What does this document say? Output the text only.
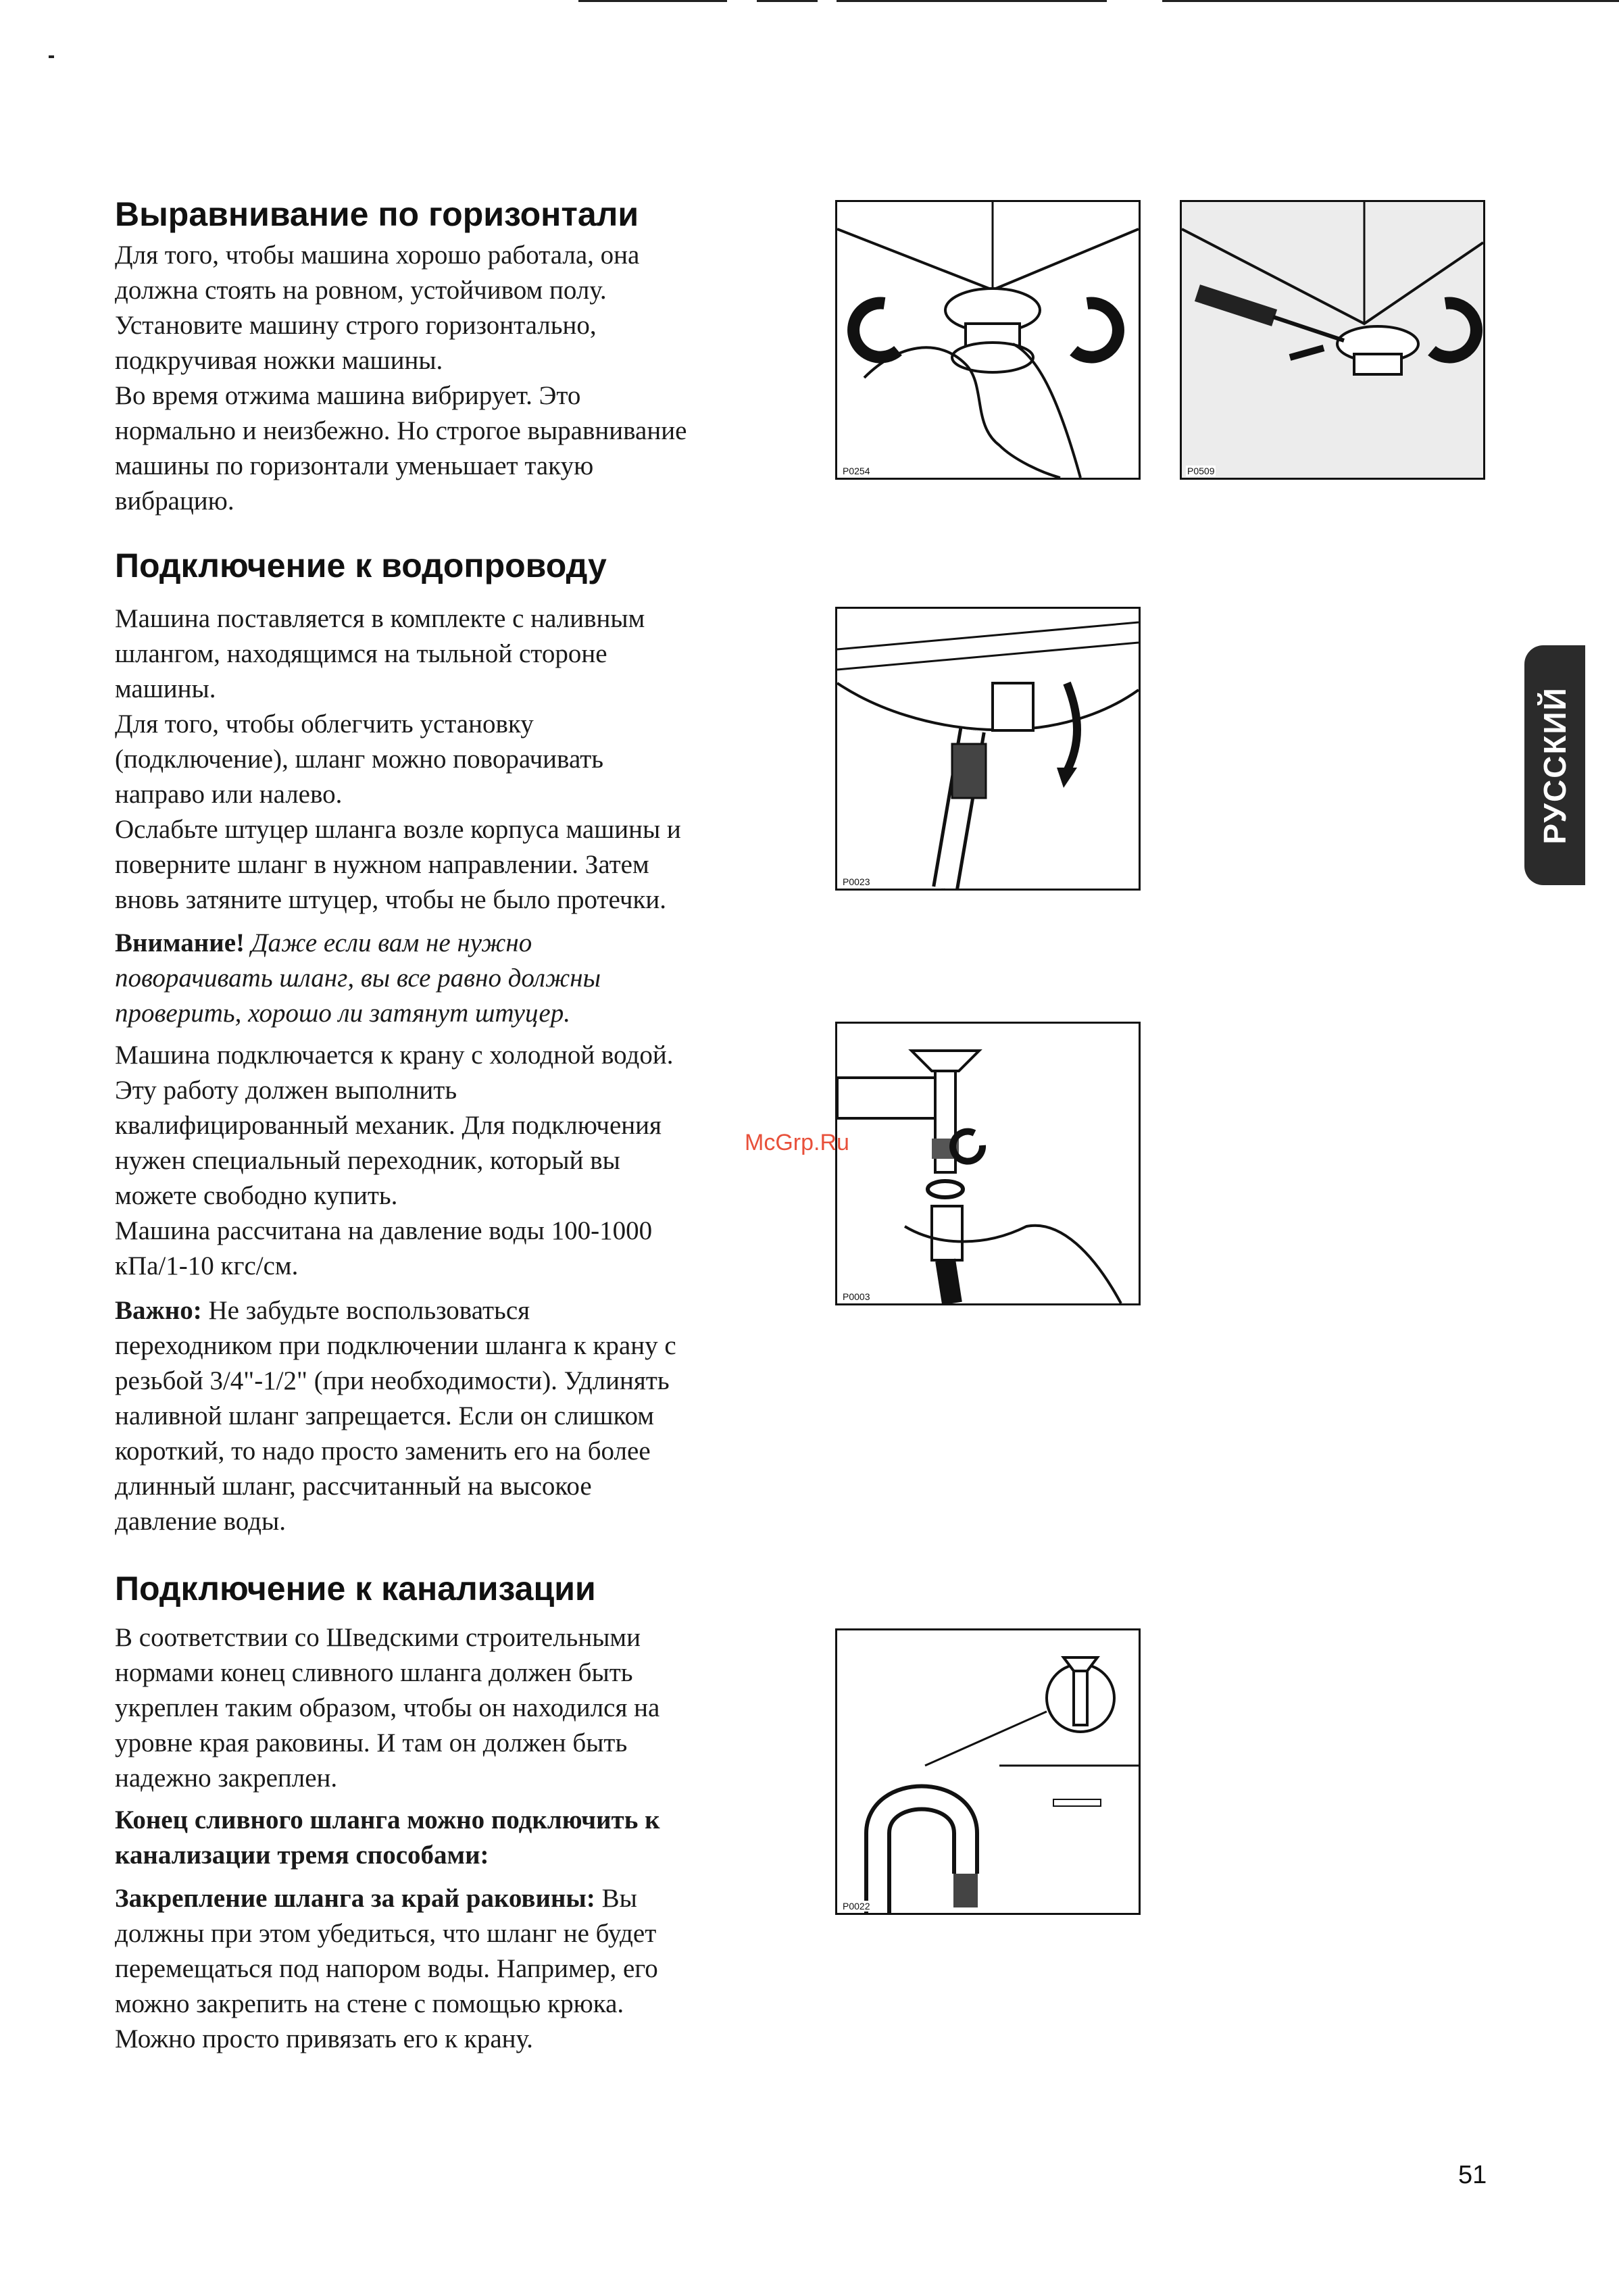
Выравнивание по горизонтали
Для того, чтобы машина хорошо работала, она
должна стоять на ровном, устойчивом полу.
Установите машину строго горизонтально,
подкручивая ножки машины.
Во время отжима машина вибрирует. Это
нормально и неизбежно. Но строгое выравнивание
машины по горизонтали уменьшает такую
вибрацию.
Подключение к водопроводу
Машина поставляется в комплекте с наливным
шлангом, находящимся на тыльной стороне
машины.
Для того, чтобы облегчить установку
(подключение), шланг можно поворачивать
направо или налево.
Ослабьте штуцер шланга возле корпуса машины и
поверните шланг в нужном направлении. Затем
вновь затяните штуцер, чтобы не было протечки.
Внимание! Даже если вам не нужно
поворачивать шланг, вы все равно должны
проверить, хорошо ли затянут штуцер.
Машина подключается к крану с холодной водой.
Эту работу должен выполнить
квалифицированный механик. Для подключения
нужен специальный переходник, который вы
можете свободно купить.
Машина рассчитана на давление воды 100-1000
кПа/1-10 кгс/см.
Важно: Не забудьте воспользоваться
переходником при подключении шланга к крану с
резьбой 3/4"-1/2" (при необходимости). Удлинять
наливной шланг запрещается. Если он слишком
короткий, то надо просто заменить его на более
длинный шланг, рассчитанный на высокое
давление воды.
Подключение к канализации
В соответствии со Шведскими строительными
нормами конец сливного шланга должен быть
укреплен таким образом, чтобы он находился на
уровне края раковины. И там он должен быть
надежно закреплен.
Конец сливного шланга можно подключить к
канализации тремя способами:
Закрепление шланга за край раковины: Вы
должны при этом убедиться, что шланг не будет
перемещаться под напором воды. Например, его
можно закрепить на стене с помощью крюка.
Можно просто привязать его к крану.
P0254	P0509
P0023
P0003
P0022
РУССКИЙ
McGrp.Ru
51
